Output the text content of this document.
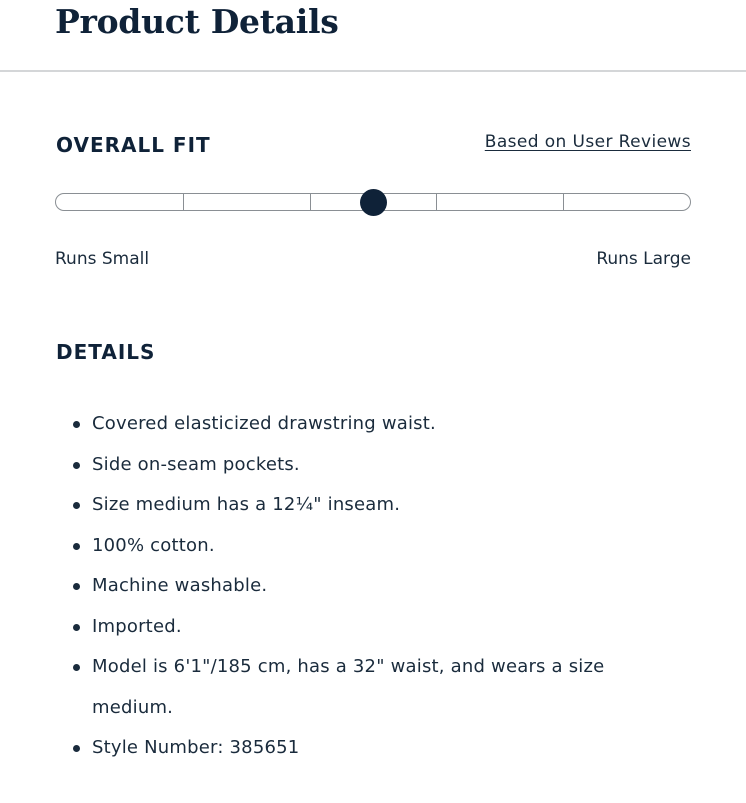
Product Details
OVERALL FIT	Based on User Reviews
Runs Small	Runs Large
DETAILS
Covered elasticized drawstring waist.
Side on-seam pockets.
Size medium has a 12¼" inseam.
100% cotton.
Machine washable.
Imported.
Model is 6'1"/185 cm, has a 32" waist, and wears a size medium.
Style Number: 385651
